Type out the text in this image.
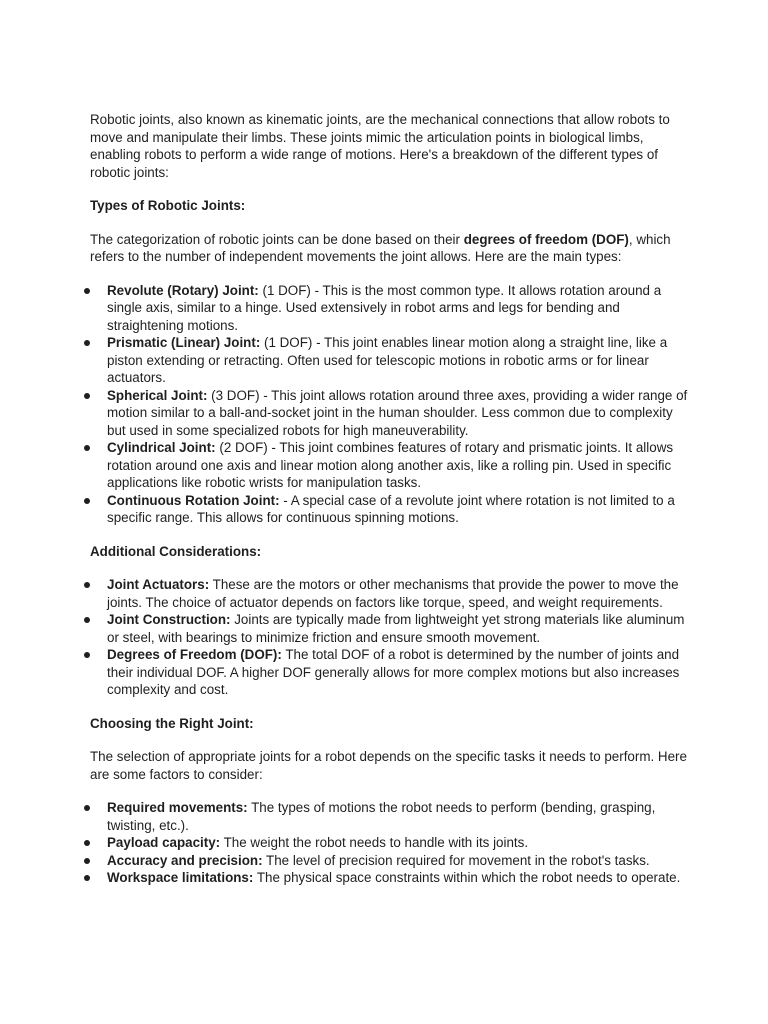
Robotic joints, also known as kinematic joints, are the mechanical connections that allow robots to move and manipulate their limbs. These joints mimic the articulation points in biological limbs, enabling robots to perform a wide range of motions. Here's a breakdown of the different types of robotic joints:

Types of Robotic Joints:

The categorization of robotic joints can be done based on their degrees of freedom (DOF), which refers to the number of independent movements the joint allows. Here are the main types:

Revolute (Rotary) Joint: (1 DOF) - This is the most common type. It allows rotation around a single axis, similar to a hinge. Used extensively in robot arms and legs for bending and straightening motions.
Prismatic (Linear) Joint: (1 DOF) - This joint enables linear motion along a straight line, like a piston extending or retracting. Often used for telescopic motions in robotic arms or for linear actuators.
Spherical Joint: (3 DOF) - This joint allows rotation around three axes, providing a wider range of motion similar to a ball-and-socket joint in the human shoulder. Less common due to complexity but used in some specialized robots for high maneuverability.
Cylindrical Joint: (2 DOF) - This joint combines features of rotary and prismatic joints. It allows rotation around one axis and linear motion along another axis, like a rolling pin. Used in specific applications like robotic wrists for manipulation tasks.
Continuous Rotation Joint: - A special case of a revolute joint where rotation is not limited to a specific range. This allows for continuous spinning motions.

Additional Considerations:

Joint Actuators: These are the motors or other mechanisms that provide the power to move the joints. The choice of actuator depends on factors like torque, speed, and weight requirements.
Joint Construction: Joints are typically made from lightweight yet strong materials like aluminum or steel, with bearings to minimize friction and ensure smooth movement.
Degrees of Freedom (DOF): The total DOF of a robot is determined by the number of joints and their individual DOF. A higher DOF generally allows for more complex motions but also increases complexity and cost.

Choosing the Right Joint:

The selection of appropriate joints for a robot depends on the specific tasks it needs to perform. Here are some factors to consider:

Required movements: The types of motions the robot needs to perform (bending, grasping, twisting, etc.).
Payload capacity: The weight the robot needs to handle with its joints.
Accuracy and precision: The level of precision required for movement in the robot's tasks.
Workspace limitations: The physical space constraints within which the robot needs to operate.
